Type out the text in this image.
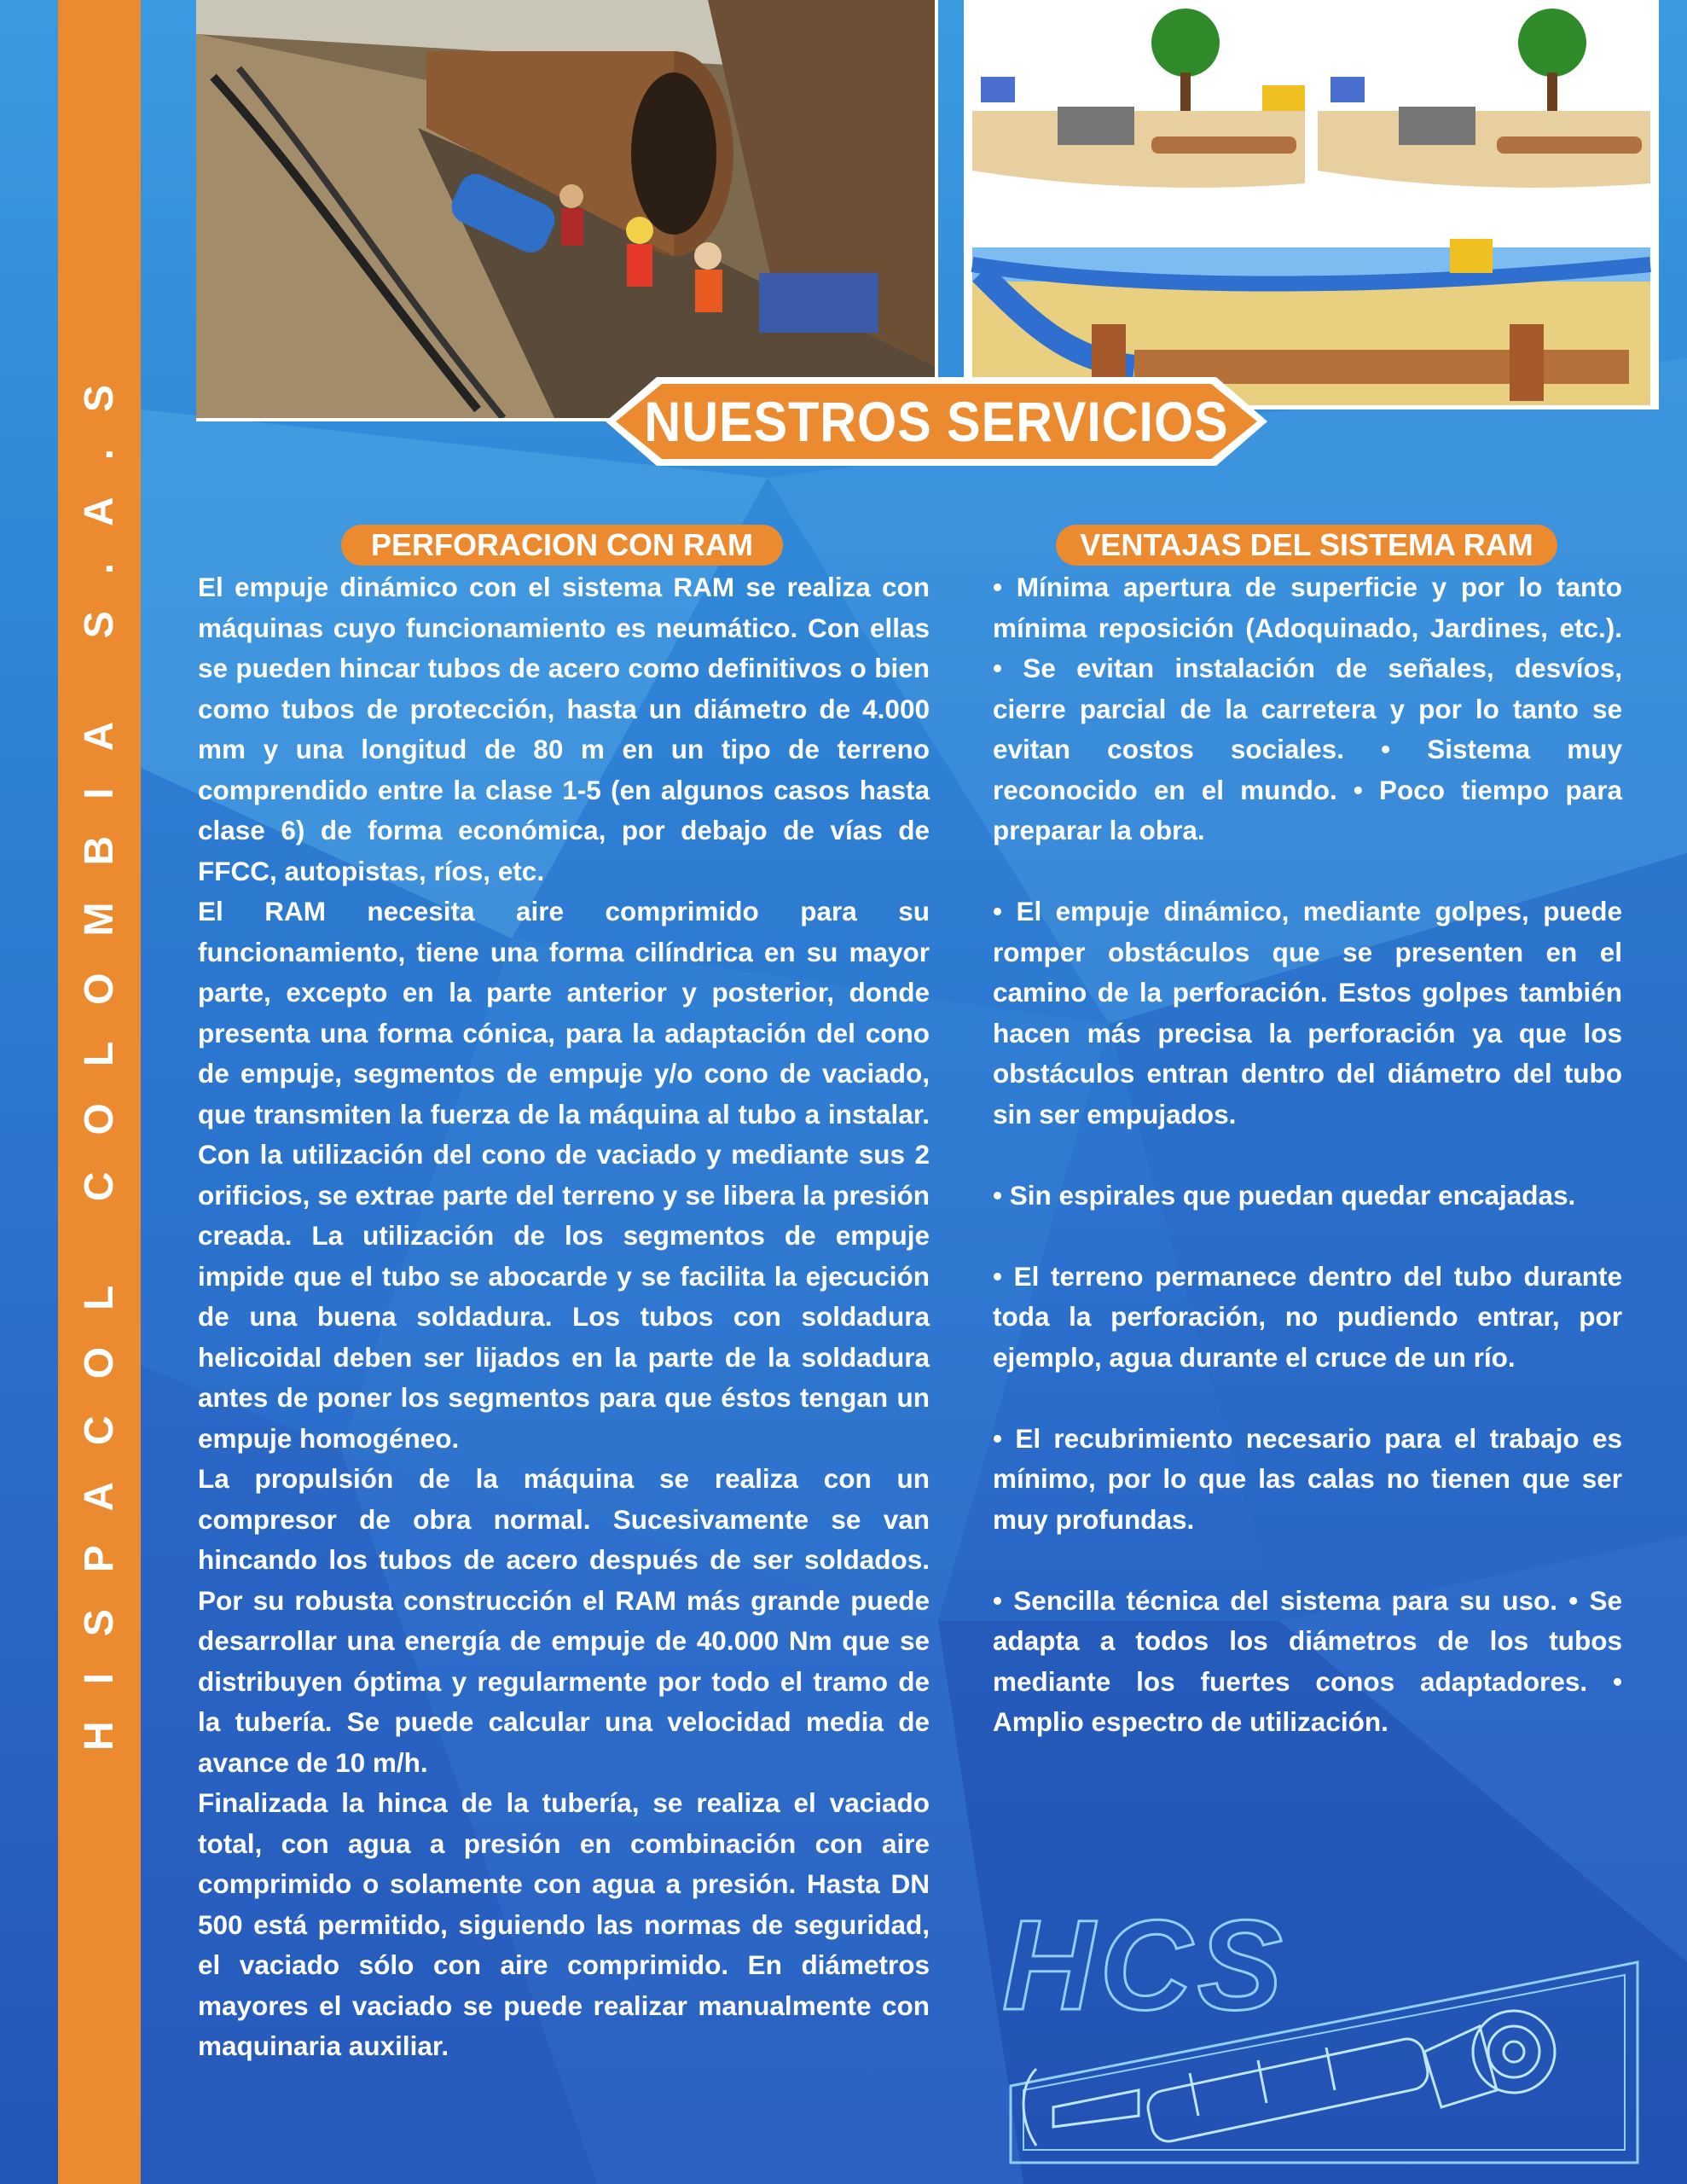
HISPACOL COLOMBIA S.A.S	NUESTROS SERVICIOS
PERFORACION CON RAM	VENTAJAS DEL SISTEMA RAM

El empuje dinámico con el sistema RAM se realiza con máquinas cuyo funcionamiento es neumático. Con ellas se pueden hincar tubos de acero como definitivos o bien como tubos de protección, hasta un diámetro de 4.000 mm y una longitud de 80 m en un tipo de terreno comprendido entre la clase 1-5 (en algunos casos hasta clase 6) de forma económica, por debajo de vías de FFCC, autopistas, ríos, etc.

El RAM necesita aire comprimido para su funcionamiento, tiene una forma cilíndrica en su mayor parte, excepto en la parte anterior y posterior, donde presenta una forma cónica, para la adaptación del cono de empuje, segmentos de empuje y/o cono de vaciado, que transmiten la fuerza de la máquina al tubo a instalar. Con la utilización del cono de vaciado y mediante sus 2 orificios, se extrae parte del terreno y se libera la presión creada. La utilización de los segmentos de empuje impide que el tubo se abocarde y se facilita la ejecución de una buena soldadura. Los tubos con soldadura helicoidal deben ser lijados en la parte de la soldadura antes de poner los segmentos para que éstos tengan un empuje homogéneo.

La propulsión de la máquina se realiza con un compresor de obra normal. Sucesivamente se van hincando los tubos de acero después de ser soldados. Por su robusta construcción el RAM más grande puede desarrollar una energía de empuje de 40.000 Nm que se distribuyen óptima y regularmente por todo el tramo de la tubería. Se puede calcular una velocidad media de avance de 10 m/h.

Finalizada la hinca de la tubería, se realiza el vaciado total, con agua a presión en combinación con aire comprimido o solamente con agua a presión. Hasta DN 500 está permitido, siguiendo las normas de seguridad, el vaciado sólo con aire comprimido. En diámetros mayores el vaciado se puede realizar manualmente con maquinaria auxiliar.

• Mínima apertura de superficie y por lo tanto mínima reposición (Adoquinado, Jardines, etc.). • Se evitan instalación de señales, desvíos, cierre parcial de la carretera y por lo tanto se evitan costos sociales. • Sistema muy reconocido en el mundo. • Poco tiempo para preparar la obra.

• El empuje dinámico, mediante golpes, puede romper obstáculos que se presenten en el camino de la perforación. Estos golpes también hacen más precisa la perforación ya que los obstáculos entran dentro del diámetro del tubo sin ser empujados.

• Sin espirales que puedan quedar encajadas.

• El terreno permanece dentro del tubo durante toda la perforación, no pudiendo entrar, por ejemplo, agua durante el cruce de un río.

• El recubrimiento necesario para el trabajo es mínimo, por lo que las calas no tienen que ser muy profundas.

• Sencilla técnica del sistema para su uso. • Se adapta a todos los diámetros de los tubos mediante los fuertes conos adaptadores. • Amplio espectro de utilización.

HCS
